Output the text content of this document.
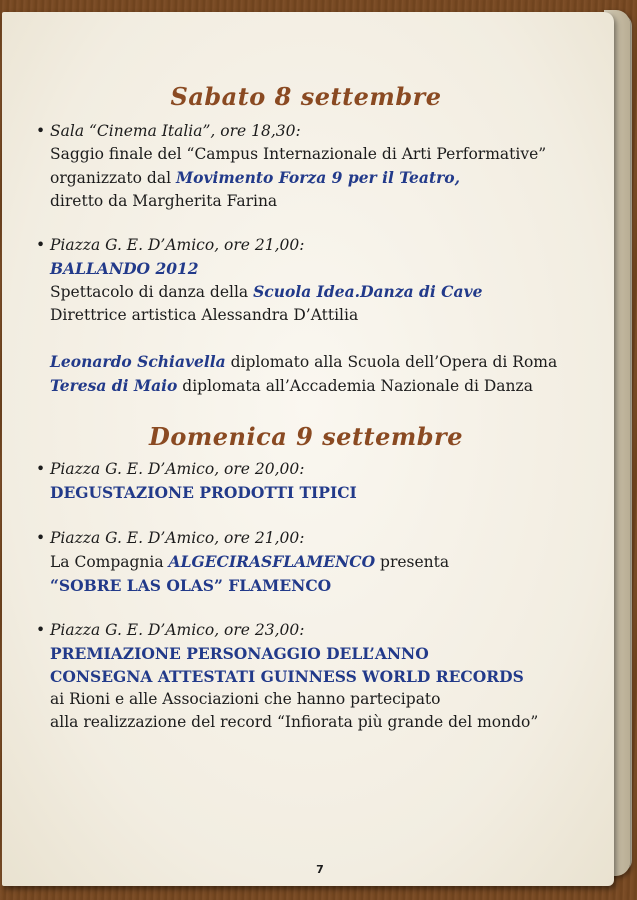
Sabato 8 settembre
• Sala “Cinema Italia”, ore 18,30:
Saggio finale del “Campus Internazionale di Arti Performative”
organizzato dal Movimento Forza 9 per il Teatro,
diretto da Margherita Farina
• Piazza G. E. D’Amico, ore 21,00:
BALLANDO 2012
Spettacolo di danza della Scuola Idea.Danza di Cave
Direttrice artistica Alessandra D’Attilia
Leonardo Schiavella diplomato alla Scuola dell’Opera di Roma
Teresa di Maio diplomata all’Accademia Nazionale di Danza
Domenica 9 settembre
• Piazza G. E. D’Amico, ore 20,00:
DEGUSTAZIONE PRODOTTI TIPICI
• Piazza G. E. D’Amico, ore 21,00:
La Compagnia ALGECIRASFLAMENCO presenta
“SOBRE LAS OLAS” FLAMENCO
• Piazza G. E. D’Amico, ore 23,00:
PREMIAZIONE PERSONAGGIO DELL’ANNO
CONSEGNA ATTESTATI GUINNESS WORLD RECORDS
ai Rioni e alle Associazioni che hanno partecipato
alla realizzazione del record “Infiorata più grande del mondo”
7
